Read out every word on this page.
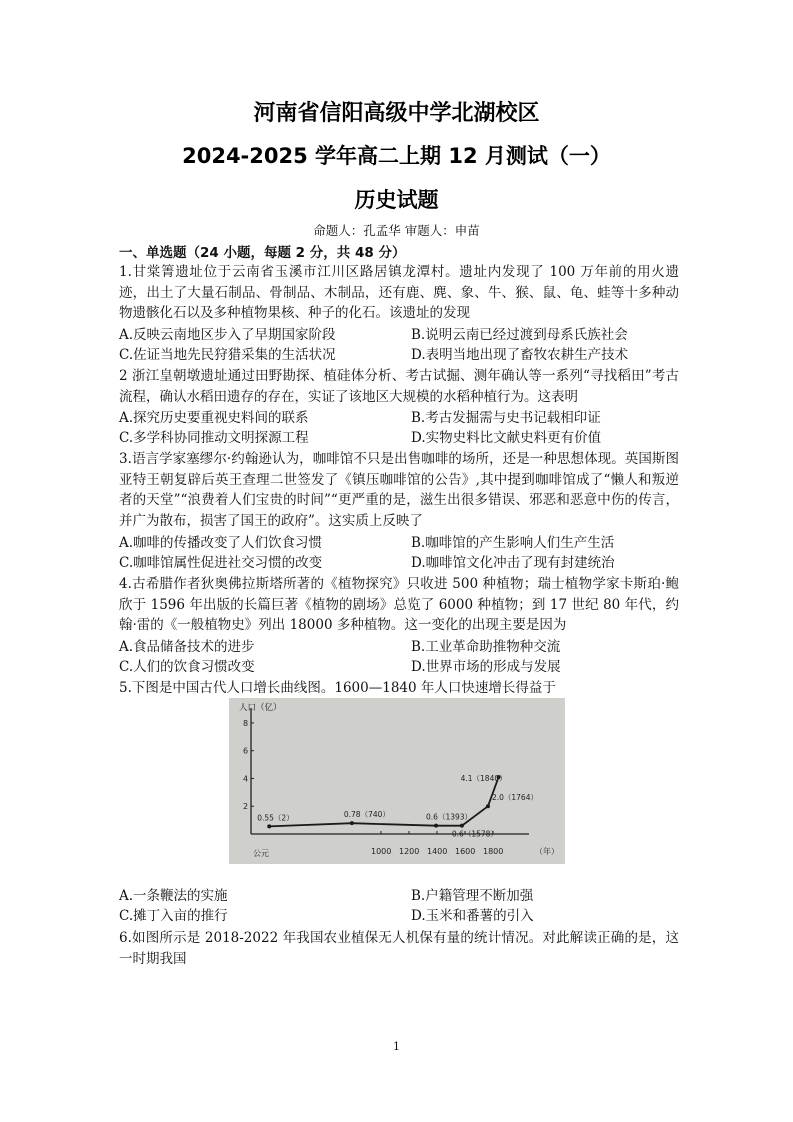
河南省信阳高级中学北湖校区
2024-2025 学年高二上期 12 月测试（一）
历史试题
命题人：孔孟华 审题人：申苗
一、单选题（24 小题，每题 2 分，共 48 分）
1.甘棠箐遗址位于云南省玉溪市江川区路居镇龙潭村。遗址内发现了 100 万年前的用火遗迹，出土了大量石制品、骨制品、木制品，还有鹿、麂、象、牛、猴、鼠、龟、蛙等十多种动物遗骸化石以及多种植物果核、种子的化石。该遗址的发现
A.反映云南地区步入了早期国家阶段	B.说明云南已经过渡到母系氏族社会
C.佐证当地先民狩猎采集的生活状况	D.表明当地出现了畜牧农耕生产技术
2 浙江皇朝墩遗址通过田野勘探、植硅体分析、考古试掘、测年确认等一系列“寻找稻田”考古流程，确认水稻田遗存的存在，实证了该地区大规模的水稻种植行为。这表明
A.探究历史要重视史料间的联系	B.考古发掘需与史书记载相印证
C.多学科协同推动文明探源工程	D.实物史料比文献史料更有价值
3.语言学家塞缪尔·约翰逊认为，咖啡馆不只是出售咖啡的场所，还是一种思想体现。英国斯图亚特王朝复辟后英王查理二世签发了《镇压咖啡馆的公告》,其中提到咖啡馆成了“懒人和叛逆者的天堂”“浪费着人们宝贵的时间”“更严重的是，滋生出很多错误、邪恶和恶意中伤的传言，并广为散布，损害了国王的政府”。这实质上反映了
A.咖啡的传播改变了人们饮食习惯	B.咖啡馆的产生影响人们生产生活
C.咖啡馆属性促进社交习惯的改变	D.咖啡馆文化冲击了现有封建统治
4.古希腊作者狄奥佛拉斯塔所著的《植物探究》只收进 500 种植物；瑞士植物学家卡斯珀·鲍欣于 1596 年出版的长篇巨著《植物的剧场》总览了 6000 种植物；到 17 世纪 80 年代，约翰·雷的《一般植物史》列出 18000 多种植物。这一变化的出现主要是因为
A.食品储备技术的进步	B.工业革命助推物种交流
C.人们的饮食习惯改变	D.世界市场的形成与发展
5.下图是中国古代人口增长曲线图。1600—1840 年人口快速增长得益于
2
4
6
8
1000 1200 1400 1600 1800
公元
人口（亿）
（年）
0.55（2）	0.78（740）	0.6（1393）
0.6（1578）
2.0（1764）
4.1（1840）
A.一条鞭法的实施	B.户籍管理不断加强
C.摊丁入亩的推行	D.玉米和番薯的引入
6.如图所示是 2018-2022 年我国农业植保无人机保有量的统计情况。对此解读正确的是，这一时期我国
1
